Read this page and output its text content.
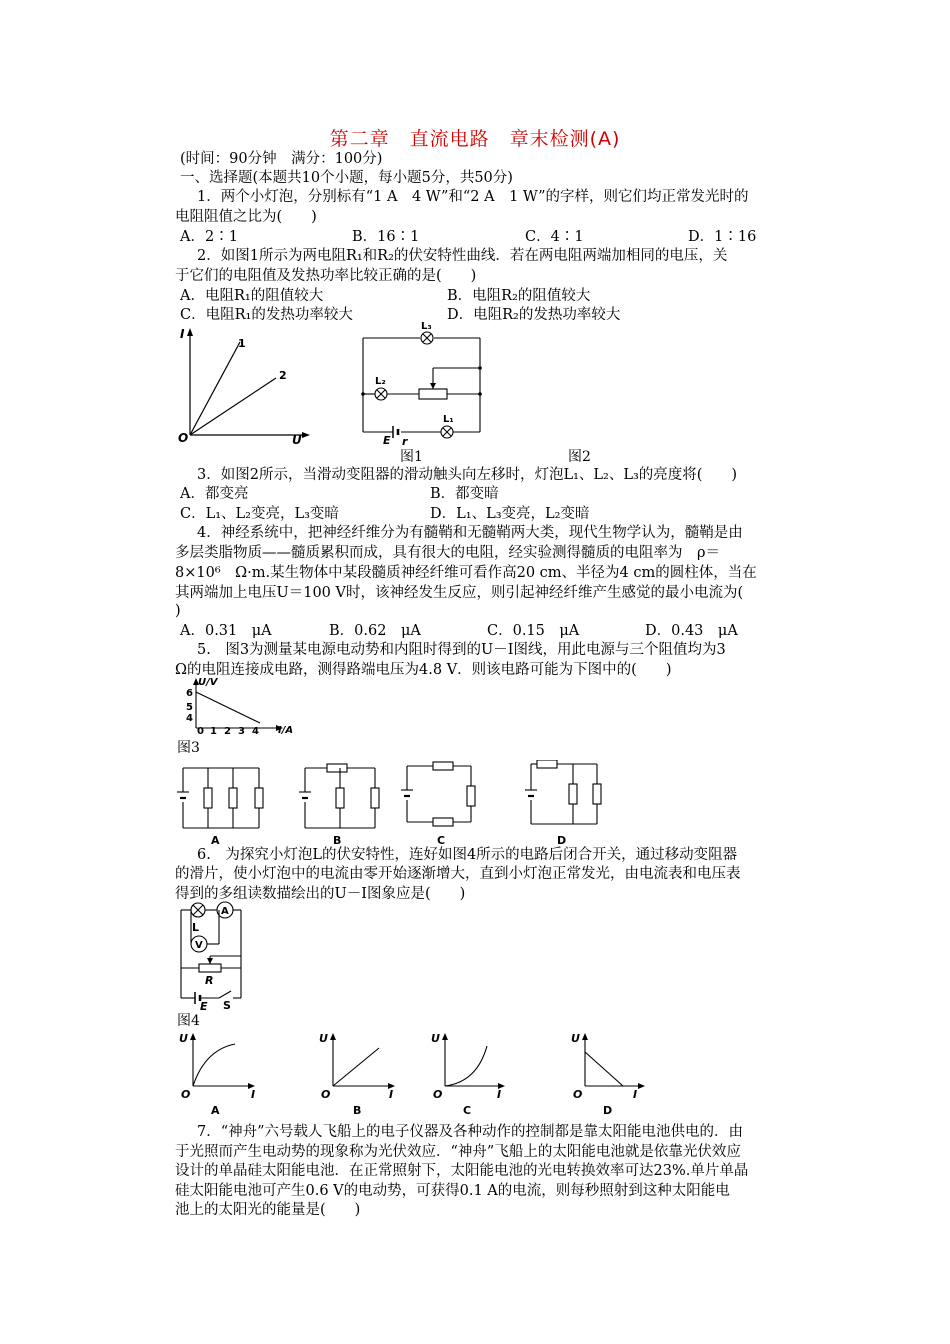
第二章　直流电路　章末检测(A)
(时间：90分钟　满分：100分)
一、选择题(本题共10个小题，每小题5分，共50分)
1．两个小灯泡，分别标有“1 A　4 W”和“2 A　1 W”的字样，则它们均正常发光时的
电阻阻值之比为(　　)
A．2∶1	B．16∶1	C．4∶1	D．1∶16
2．如图1所示为两电阻R₁和R₂的伏安特性曲线．若在两电阻两端加相同的电压，关
于它们的电阻值及发热功率比较正确的是(　　)
A．电阻R₁的阻值较大	B．电阻R₂的阻值较大
C．电阻R₁的发热功率较大	D．电阻R₂的发热功率较大
I
U
O
1
2
L₃
L₂
L₁
E r
图1	图2
3．如图2所示，当滑动变阻器的滑动触头向左移时，灯泡L₁、L₂、L₃的亮度将(　　)
A．都变亮	B．都变暗
C．L₁、L₂变亮，L₃变暗	D．L₁、L₃变亮，L₂变暗
4．神经系统中，把神经纤维分为有髓鞘和无髓鞘两大类，现代生物学认为，髓鞘是由
多层类脂物质——髓质累积而成，具有很大的电阻，经实验测得髓质的电阻率为　ρ＝
8×10⁶　Ω·m.某生物体中某段髓质神经纤维可看作高20 cm、半径为4 cm的圆柱体，当在
其两端加上电压U＝100 V时，该神经发生反应，则引起神经纤维产生感觉的最小电流为(
)
A．0.31　μA	B．0.62　μA	C．0.15　μA	D．0.43　μA
5.　图3为测量某电源电动势和内阻时得到的U－I图线，用此电源与三个阻值均为3
Ω的电阻连接成电路，测得路端电压为4.8 V．则该电路可能为下图中的(　　)
U/V
I/A
6
5
4
0 1 2 3 4
图3
A	B	C	D
6.　为探究小灯泡L的伏安特性，连好如图4所示的电路后闭合开关，通过移动变阻器
的滑片，使小灯泡中的电流由零开始逐渐增大，直到小灯泡正常发光，由电流表和电压表
得到的多组读数描绘出的U－I图象应是(　　)
A
L
V
R
E S
图4
U
I
O
A
U
I
O
B
U
I
O
C
U
I
O
D
7．“神舟”六号载人飞船上的电子仪器及各种动作的控制都是靠太阳能电池供电的．由
于光照而产生电动势的现象称为光伏效应．“神舟”飞船上的太阳能电池就是依靠光伏效应
设计的单晶硅太阳能电池．在正常照射下，太阳能电池的光电转换效率可达23%.单片单晶
硅太阳能电池可产生0.6 V的电动势，可获得0.1 A的电流，则每秒照射到这种太阳能电
池上的太阳光的能量是(　　)
